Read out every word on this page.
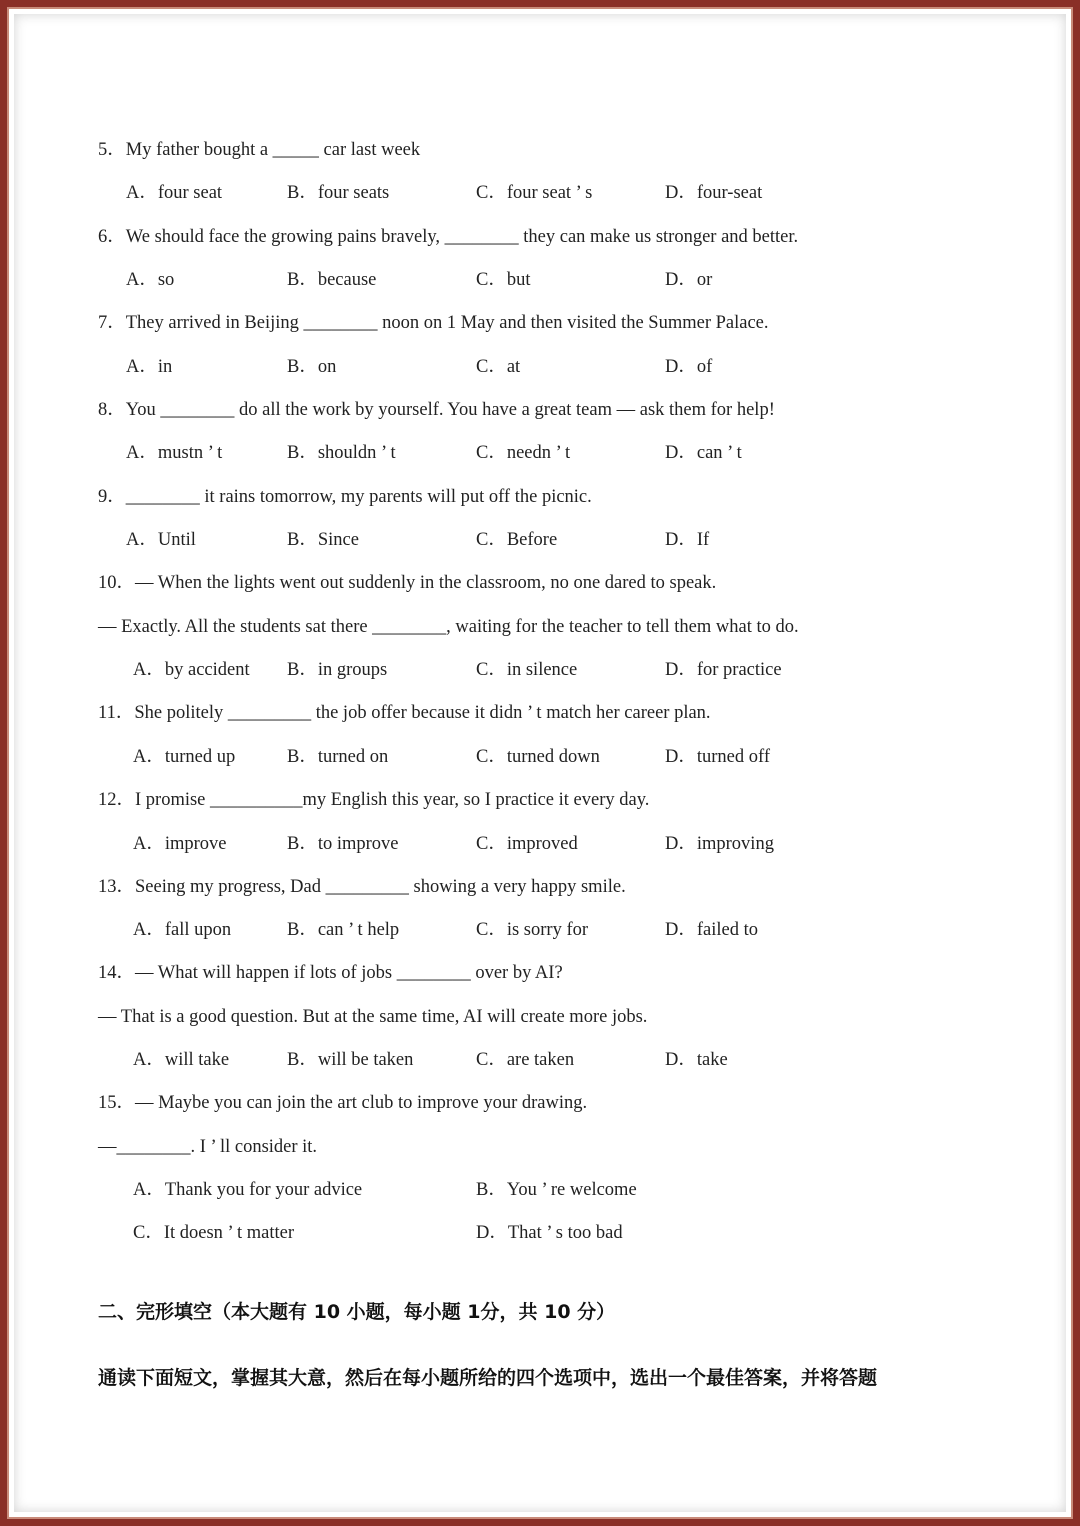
5．My father bought a _____ car last week
A．four seat	B．four seats	C．four seat ’ s	D．four-seat
6．We should face the growing pains bravely, ________ they can make us stronger and better.
A．so	B．because	C．but	D．or
7．They arrived in Beijing ________ noon on 1 May and then visited the Summer Palace.
A．in	B．on	C．at	D．of
8．You ________ do all the work by yourself. You have a great team — ask them for help!
A．mustn ’ t	B．shouldn ’ t	C．needn ’ t	D．can ’ t
9．________ it rains tomorrow, my parents will put off the picnic.
A．Until	B．Since	C．Before	D．If
10．— When the lights went out suddenly in the classroom, no one dared to speak.
— Exactly. All the students sat there ________, waiting for the teacher to tell them what to do.
A．by accident B．in groups	C．in silence	D．for practice
11．She politely _________ the job offer because it didn ’ t match her career plan.
A．turned up	B．turned on	C．turned down	D．turned off
12．I promise __________my English this year, so I practice it every day.
A．improve	B．to improve	C．improved	D．improving
13．Seeing my progress, Dad _________ showing a very happy smile.
A．fall upon	B．can ’ t help	C．is sorry for	D．failed to
14．— What will happen if lots of jobs ________ over by AI?
— That is a good question. But at the same time, AI will create more jobs.
A．will take	B．will be taken	C．are taken	D．take
15．— Maybe you can join the art club to improve your drawing.
—________. I ’ ll consider it.
A．Thank you for your advice	B．You ’ re welcome
C．It doesn ’ t matter	D．That ’ s too bad
二、完形填空（本大题有 10 小题，每小题 1分，共 10 分）
通读下面短文，掌握其大意，然后在每小题所给的四个选项中，选出一个最佳答案，并将答题
